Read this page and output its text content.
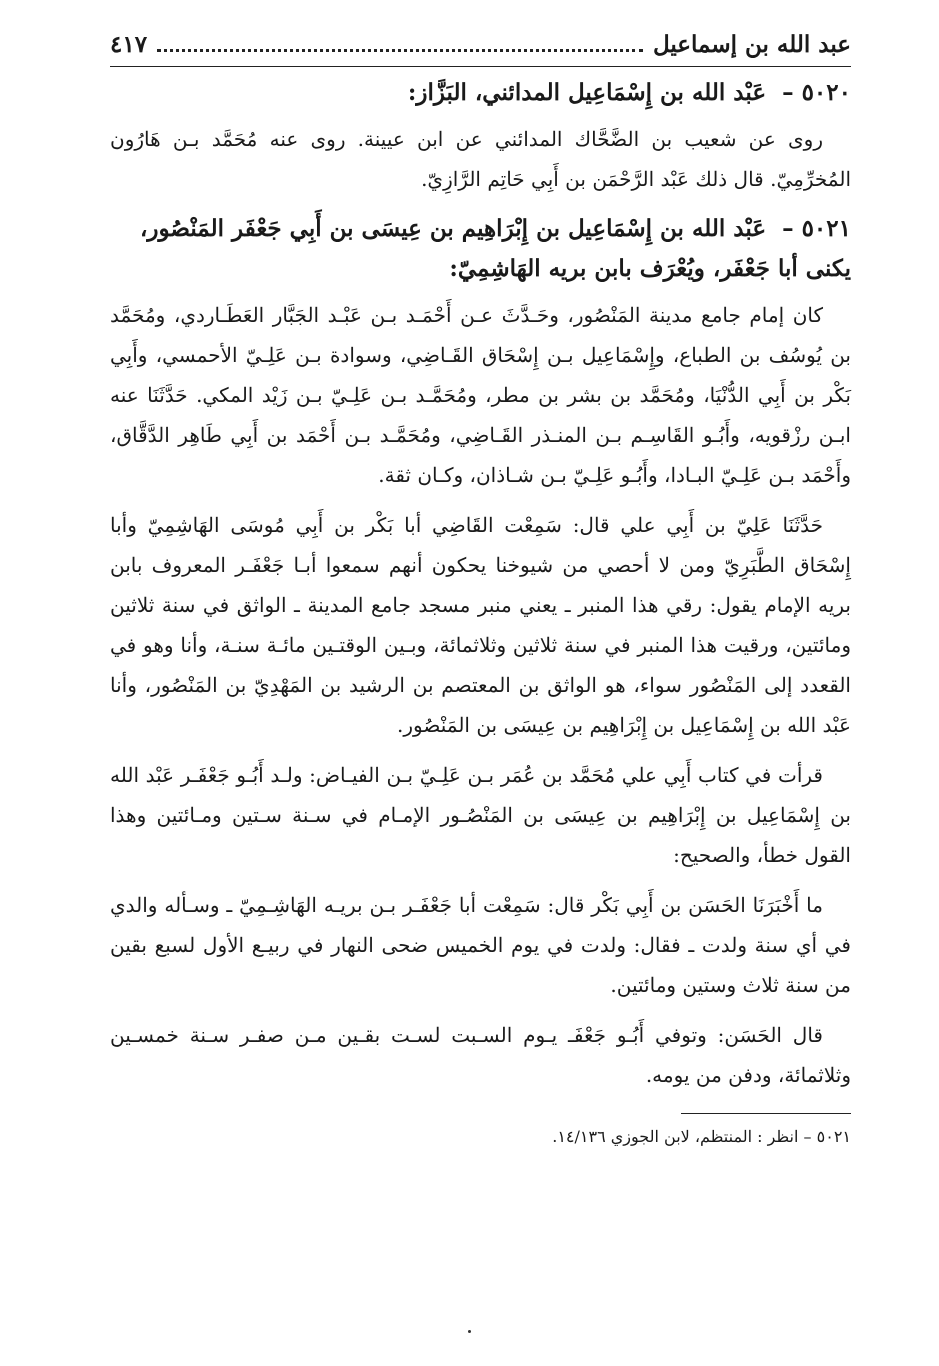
عبد الله بن إسماعيل
٤١٧
٥٠٢٠ – عَبْد الله بن إِسْمَاعِيل المدائني، البَزَّاز:

روى عن شعيب بن الضَّحَّاك المدائني عن ابن عيينة. روى عنه مُحَمَّد بـن هَارُون المُخرِّمِيّ. قال ذلك عَبْد الرَّحْمَن بن أَبِي حَاتِم الرَّازِيّ.

٥٠٢١ – عَبْد الله بن إِسْمَاعِيل بن إِبْرَاهِيم بن عِيسَى بن أَبِي جَعْفَر المَنْصُور، يكنى أبا جَعْفَر، ويُعْرَف بابن بريه الهَاشِمِيّ:

كان إمام جامع مدينة المَنْصُور، وحَـدَّثَ عـن أَحْمَـد بـن عَبْـد الجَبَّار العَطَـاردي، ومُحَمَّد بن يُوسُف بن الطباع، وإِسْمَاعِيل بـن إِسْحَاق القَـاضِي، وسوادة بـن عَلِـيّ الأحمسي، وأَبِي بَكْر بن أَبِي الدُّنْيَا، ومُحَمَّد بن بشر بن مطر، ومُحَمَّـد بـن عَلِـيّ بـن زَيْد المكي. حَدَّثَنَا عنه ابـن رزْقويه، وأَبُـو القَاسِـم بـن المنـذر القَـاضِي، ومُحَمَّـد بـن أَحْمَد بن أَبِي طَاهِر الدَّقَّاق، وأَحْمَد بـن عَلِـيّ البـادا، وأَبُـو عَلِـيّ بـن شـاذان، وكـان ثقة.

حَدَّثَنَا عَلِيّ بن أَبِي علي قال: سَمِعْت القَاضِي أبا بَكْر بن أَبِي مُوسَى الهَاشِمِيّ وأبا إِسْحَاق الطَّبَرِيّ ومن لا أحصي من شيوخنا يحكون أنهم سمعوا أبـا جَعْفَـر المعروف بابن بريه الإمام يقول: رقي هذا المنبر ـ يعني منبر مسجد جامع المدينة ـ الواثق في سنة ثلاثين ومائتين، ورقيت هذا المنبر في سنة ثلاثين وثلاثمائة، وبـين الوقتـين مائـة سنـة، وأنا وهو في القعدد إلى المَنْصُور سواء، هو الواثق بن المعتصم بن الرشيد بن المَهْدِيّ بن المَنْصُور، وأنا عَبْد الله بن إِسْمَاعِيل بن إِبْرَاهِيم بن عِيسَى بن المَنْصُور.

قرأت في كتاب أَبِي علي مُحَمَّد بن عُمَر بـن عَلِـيّ بـن الفيـاض: ولـد أَبُـو جَعْفَـر عَبْد الله بن إِسْمَاعِيل بن إِبْرَاهِيم بن عِيسَى بن المَنْصُـور الإمـام في سـنة سـتين ومـائتين وهذا القول خطأ، والصحيح:

ما أَخْبَرَنَا الحَسَن بن أَبِي بَكْر قال: سَمِعْت أبا جَعْفَـر بـن بريـه الهَاشِـمِيّ ـ وسـأله والدي في أي سنة ولدت ـ فقال: ولدت في يوم الخميس ضحى النهار في ربيـع الأول لسبع بقين من سنة ثلاث وستين ومائتين.

قال الحَسَن: وتوفي أَبُـو جَعْفَـ يـوم السـبت لسـت بقـين مـن صفـر سـنة خمسـين وثلاثمائة، ودفن من يومه.

٥٠٢١ – انظر : المنتظم، لابن الجوزي ١٤/١٣٦.
